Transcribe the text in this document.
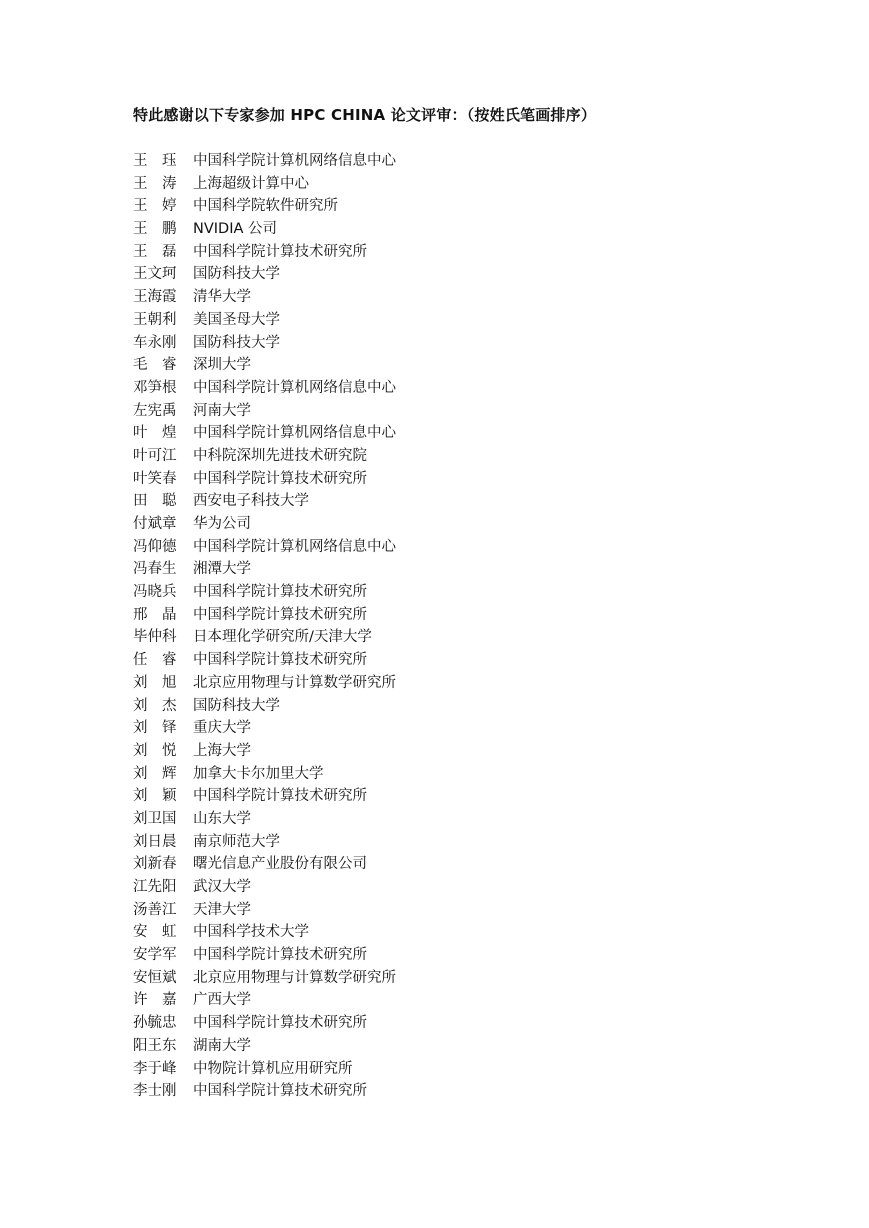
特此感谢以下专家参加 HPC CHINA 论文评审：（按姓氏笔画排序）
王　珏	中国科学院计算机网络信息中心
王　涛	上海超级计算中心
王　婷	中国科学院软件研究所
王　鹏	NVIDIA 公司
王　磊	中国科学院计算技术研究所
王文珂	国防科技大学
王海霞	清华大学
王朝利	美国圣母大学
车永刚	国防科技大学
毛　睿	深圳大学
邓笋根	中国科学院计算机网络信息中心
左宪禹	河南大学
叶　煌	中国科学院计算机网络信息中心
叶可江	中科院深圳先进技术研究院
叶笑春	中国科学院计算技术研究所
田　聪	西安电子科技大学
付斌章	华为公司
冯仰德	中国科学院计算机网络信息中心
冯春生	湘潭大学
冯晓兵	中国科学院计算技术研究所
邢　晶	中国科学院计算技术研究所
毕仲科	日本理化学研究所/天津大学
任　睿	中国科学院计算技术研究所
刘　旭	北京应用物理与计算数学研究所
刘　杰	国防科技大学
刘　铎	重庆大学
刘　悦	上海大学
刘　辉	加拿大卡尔加里大学
刘　颖	中国科学院计算技术研究所
刘卫国	山东大学
刘日晨	南京师范大学
刘新春	曙光信息产业股份有限公司
江先阳	武汉大学
汤善江	天津大学
安　虹	中国科学技术大学
安学军	中国科学院计算技术研究所
安恒斌	北京应用物理与计算数学研究所
许　嘉	广西大学
孙毓忠	中国科学院计算技术研究所
阳王东	湖南大学
李于峰	中物院计算机应用研究所
李士刚	中国科学院计算技术研究所
